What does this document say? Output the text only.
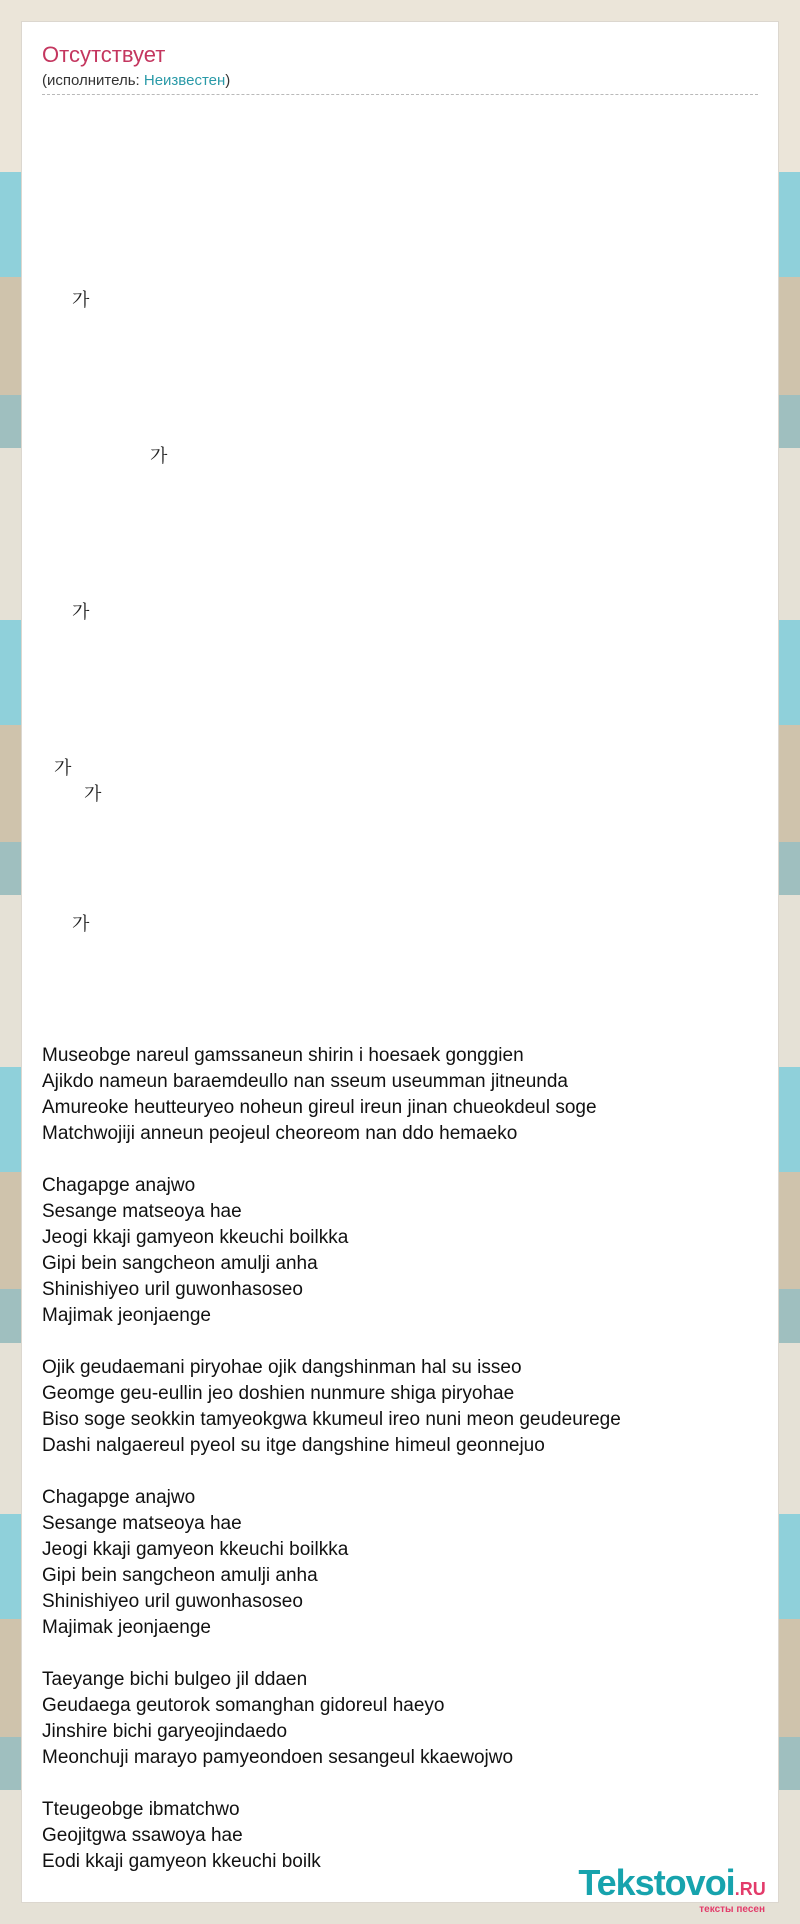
Отсутствует
(исполнитель: Неизвестен)
가
가
가
가
가
가
Museobge nareul gamssaneun shirin i hoesaek gonggien
Ajikdo nameun baraemdeullo nan sseum useumman jitneunda
Amureoke heutteuryeo noheun gireul ireun jinan chueokdeul soge
Matchwojiji anneun peojeul cheoreom nan ddo hemaeko
Chagapge anajwo
Sesange matseoya hae
Jeogi kkaji gamyeon kkeuchi boilkka
Gipi bein sangcheon amulji anha
Shinishiyeo uril guwonhasoseo
Majimak jeonjaenge
Ojik geudaemani piryohae ojik dangshinman hal su isseo
Geomge geu-eullin jeo doshien nunmure shiga piryohae
Biso soge seokkin tamyeokgwa kkumeul ireo nuni meon geudeurege
Dashi nalgaereul pyeol su itge dangshine himeul geonnejuo
Chagapge anajwo
Sesange matseoya hae
Jeogi kkaji gamyeon kkeuchi boilkka
Gipi bein sangcheon amulji anha
Shinishiyeo uril guwonhasoseo
Majimak jeonjaenge
Taeyange bichi bulgeo jil ddaen
Geudaega geutorok somanghan gidoreul haeyo
Jinshire bichi garyeojindaedo
Meonchuji marayo pamyeondoen sesangeul kkaewojwo
Tteugeobge ibmatchwo
Geojitgwa ssawoya hae
Eodi kkaji gamyeon kkeuchi boilk
Tekstovoi.RU
тексты песен
